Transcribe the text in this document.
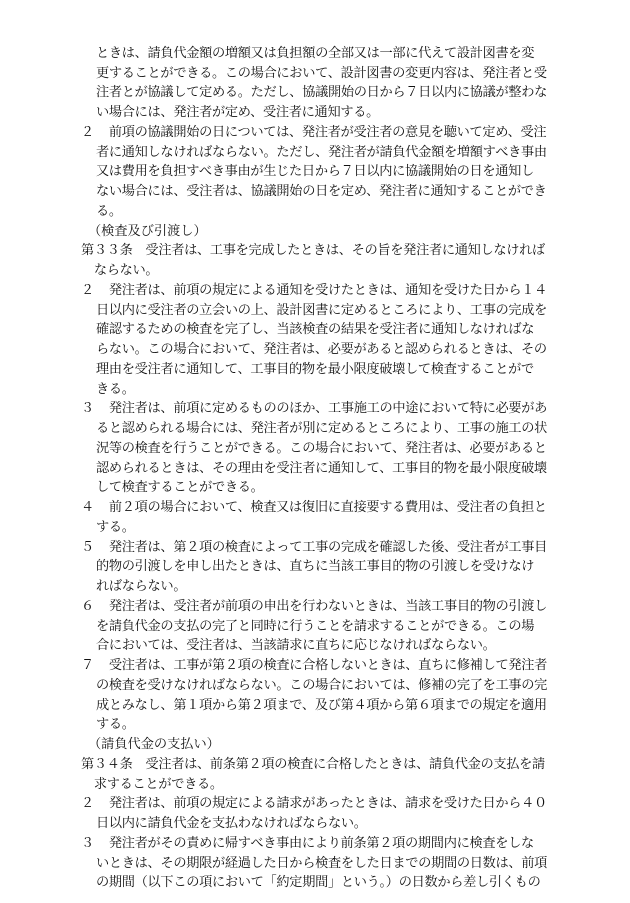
ときは、請負代金額の増額又は負担額の全部又は一部に代えて設計図書を変
更することができる。この場合において、設計図書の変更内容は、発注者と受
注者とが協議して定める。ただし、協議開始の日から７日以内に協議が整わな
い場合には、発注者が定め、受注者に通知する。
２ 　前項の協議開始の日については、発注者が受注者の意見を聴いて定め、受注
者に通知しなければならない。ただし、発注者が請負代金額を増額すべき事由
又は費用を負担すべき事由が生じた日から７日以内に協議開始の日を通知し
ない場合には、受注者は、協議開始の日を定め、発注者に通知することができ
る。
（検査及び引渡し）
第３３条　受注者は、工事を完成したときは、その旨を発注者に通知しなければ
　ならない。
２ 　発注者は、前項の規定による通知を受けたときは、通知を受けた日から１４
日以内に受注者の立会いの上、設計図書に定めるところにより、工事の完成を
確認するための検査を完了し、当該検査の結果を受注者に通知しなければな
らない。この場合において、発注者は、必要があると認められるときは、その
理由を受注者に通知して、工事目的物を最小限度破壊して検査することがで
きる。
３ 　発注者は、前項に定めるもののほか、工事施工の中途において特に必要があ
ると認められる場合には、発注者が別に定めるところにより、工事の施工の状
況等の検査を行うことができる。この場合において、発注者は、必要があると
認められるときは、その理由を受注者に通知して、工事目的物を最小限度破壊
して検査することができる。
４ 　前２項の場合において、検査又は復旧に直接要する費用は、受注者の負担と
する。
５ 　発注者は、第２項の検査によって工事の完成を確認した後、受注者が工事目
的物の引渡しを申し出たときは、直ちに当該工事目的物の引渡しを受けなけ
ればならない。
６ 　発注者は、受注者が前項の申出を行わないときは、当該工事目的物の引渡し
を請負代金の支払の完了と同時に行うことを請求することができる。この場
合においては、受注者は、当該請求に直ちに応じなければならない。
７ 　受注者は、工事が第２項の検査に合格しないときは、直ちに修補して発注者
の検査を受けなければならない。この場合においては、修補の完了を工事の完
成とみなし、第１項から第２項まで、及び第４項から第６項までの規定を適用
する。
（請負代金の支払い）
第３４条　受注者は、前条第２項の検査に合格したときは、請負代金の支払を請
　求することができる。
２ 　発注者は、前項の規定による請求があったときは、請求を受けた日から４０
日以内に請負代金を支払わなければならない。
３ 　発注者がその責めに帰すべき事由により前条第２項の期間内に検査をしな
いときは、その期限が経過した日から検査をした日までの期間の日数は、前項
の期間（以下この項において「約定期間」という。）の日数から差し引くもの
